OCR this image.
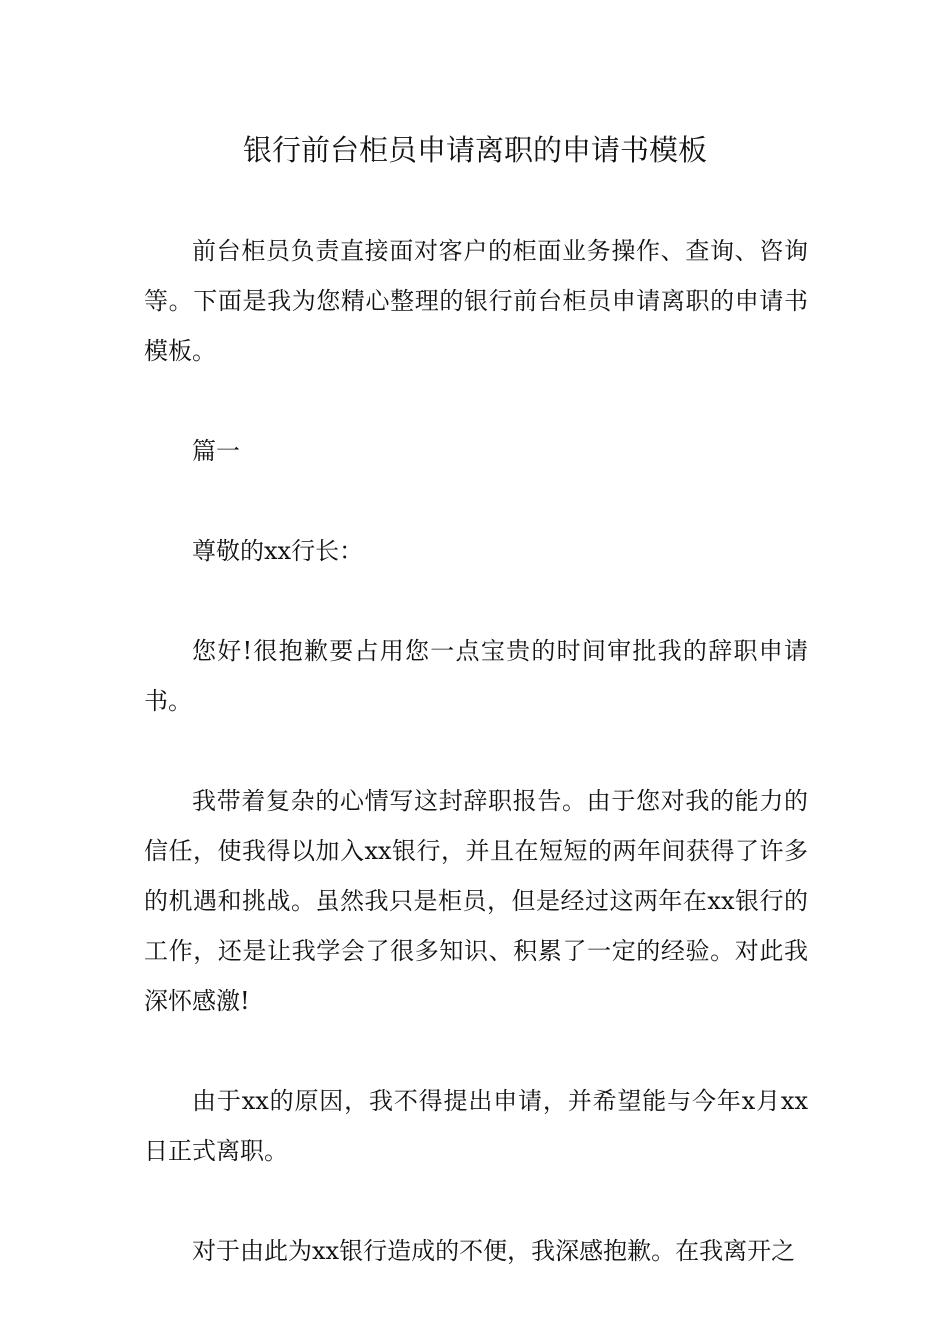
银行前台柜员申请离职的申请书模板

前台柜员负责直接面对客户的柜面业务操作、查询、咨询等。下面是我为您精心整理的银行前台柜员申请离职的申请书模板。

篇一

尊敬的xx行长：

您好!很抱歉要占用您一点宝贵的时间审批我的辞职申请书。

我带着复杂的心情写这封辞职报告。由于您对我的能力的信任，使我得以加入xx银行，并且在短短的两年间获得了许多的机遇和挑战。虽然我只是柜员，但是经过这两年在xx银行的工作，还是让我学会了很多知识、积累了一定的经验。对此我深怀感激!

由于xx的原因，我不得提出申请，并希望能与今年x月xx日正式离职。

对于由此为xx银行造成的不便，我深感抱歉。在我离开之
